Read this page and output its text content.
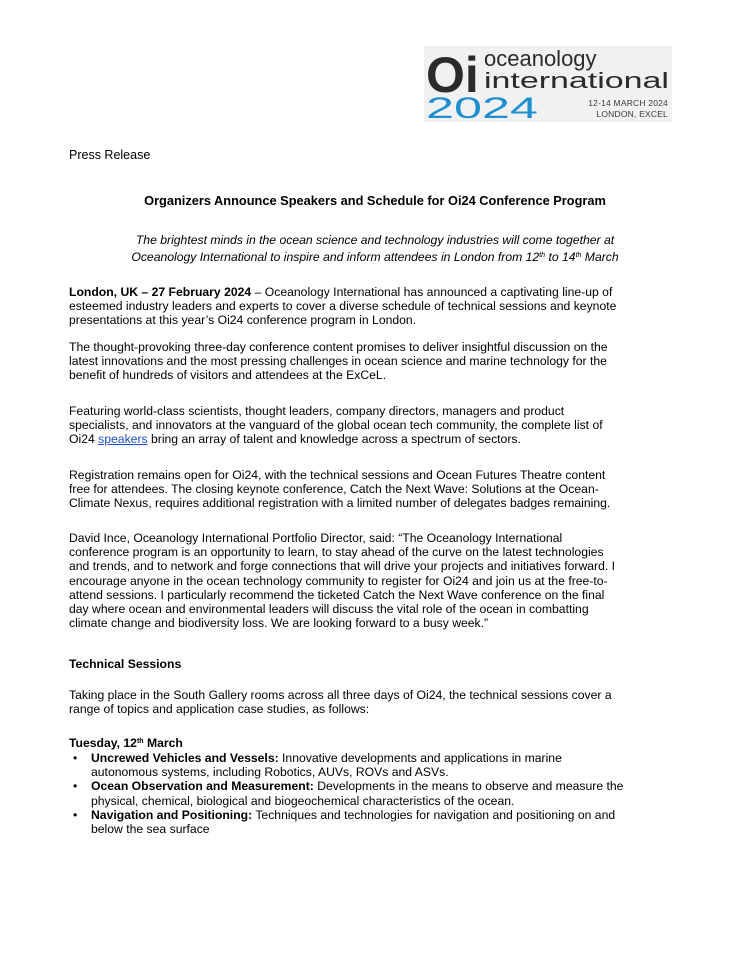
Oi oceanology
international
2024	12-14 MARCH 2024
LONDON, EXCEL
Press Release
Organizers Announce Speakers and Schedule for Oi24 Conference Program
The brightest minds in the ocean science and technology industries will come together at
Oceanology International to inspire and inform attendees in London from 12th to 14th March
London, UK – 27 February 2024 – Oceanology International has announced a captivating line-up of
esteemed industry leaders and experts to cover a diverse schedule of technical sessions and keynote
presentations at this year’s Oi24 conference program in London.
The thought-provoking three-day conference content promises to deliver insightful discussion on the
latest innovations and the most pressing challenges in ocean science and marine technology for the
benefit of hundreds of visitors and attendees at the ExCeL.
Featuring world-class scientists, thought leaders, company directors, managers and product
specialists, and innovators at the vanguard of the global ocean tech community, the complete list of
Oi24 speakers bring an array of talent and knowledge across a spectrum of sectors.
Registration remains open for Oi24, with the technical sessions and Ocean Futures Theatre content
free for attendees. The closing keynote conference, Catch the Next Wave: Solutions at the Ocean-
Climate Nexus, requires additional registration with a limited number of delegates badges remaining.
David Ince, Oceanology International Portfolio Director, said: “The Oceanology International
conference program is an opportunity to learn, to stay ahead of the curve on the latest technologies
and trends, and to network and forge connections that will drive your projects and initiatives forward. I
encourage anyone in the ocean technology community to register for Oi24 and join us at the free-to-
attend sessions. I particularly recommend the ticketed Catch the Next Wave conference on the final
day where ocean and environmental leaders will discuss the vital role of the ocean in combatting
climate change and biodiversity loss. We are looking forward to a busy week.”
Technical Sessions
Taking place in the South Gallery rooms across all three days of Oi24, the technical sessions cover a
range of topics and application case studies, as follows:
Tuesday, 12th March
• Uncrewed Vehicles and Vessels: Innovative developments and applications in marine
autonomous systems, including Robotics, AUVs, ROVs and ASVs.
• Ocean Observation and Measurement: Developments in the means to observe and measure the
physical, chemical, biological and biogeochemical characteristics of the ocean.
• Navigation and Positioning: Techniques and technologies for navigation and positioning on and
below the sea surface
